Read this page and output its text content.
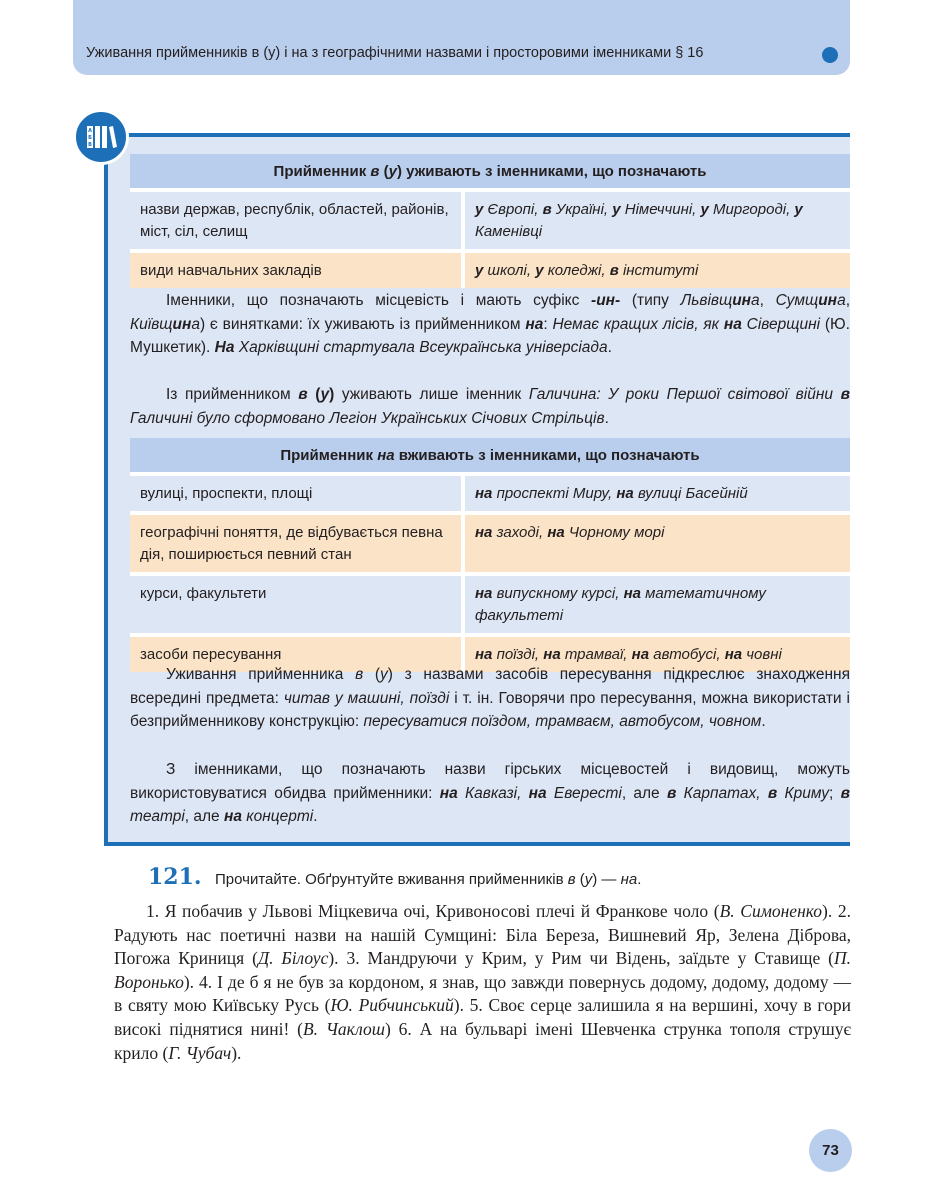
Уживання прийменників в (у) і на з географічними назвами і просторовими іменниками § 16
А
Б
В
Прийменник в (у) уживають з іменниками, що позначають	
назви держав, республік, областей, районів, міст, сіл, селищ	у Європі, в Україні, у Німеччині, у Миргороді, у Каменівці
види навчальних закладів	у школі, у коледжі, в інституті
Іменники, що позначають місцевість і мають суфікс -ин- (типу Львівщина, Сумщина, Київщина) є винятками: їх уживають із прийменником на: Немає кращих лісів, як на Сіверщині (Ю. Мушкетик). На Харківщині стартувала Всеукраїнська універсіада.
Із прийменником в (у) уживають лише іменник Галичина: У роки Першої світової війни в Галичині було сформовано Легіон Українських Січових Стрільців.
Прийменник на вживають з іменниками, що позначають	
вулиці, проспекти, площі	на проспекті Миру, на вулиці Басейній
географічні поняття, де відбувається певна дія, поширюється певний стан	на заході, на Чорному морі
курси, факультети	на випускному курсі, на математичному факультеті
засоби пересування	на поїзді, на трамваї, на автобусі, на човні
Уживання прийменника в (у) з назвами засобів пересування підкреслює знаходження всередині предмета: читав у машині, поїзді і т. ін. Говорячи про пересування, можна використати і безприйменникову конструкцію: пересуватися поїздом, трамваєм, автобусом, човном.
З іменниками, що позначають назви гірських місцевостей і видовищ, можуть використовуватися обидва прийменники: на Кавказі, на Евересті, але в Карпатах, в Криму; в театрі, але на концерті.
121. Прочитайте. Обґрунтуйте вживання прийменників в (у) — на.
1. Я побачив у Львові Міцкевича очі, Кривоносові плечі й Франкове чоло (В. Симоненко). 2. Радують нас поетичні назви на нашій Сумщині: Біла Береза, Вишневий Яр, Зелена Діброва, Погожа Криниця (Д. Білоус). 3. Мандруючи у Крим, у Рим чи Відень, заїдьте у Ставище (П. Воронько). 4. І де б я не був за кордоном, я знав, що завжди повернусь додому, додому, додому — в святу мою Київську Русь (Ю. Рибчинський). 5. Своє серце залишила я на вершині, хочу в гори високі піднятися нині! (В. Чаклош) 6. А на бульварі імені Шевченка струнка тополя струшує крило (Г. Чубач).
73
